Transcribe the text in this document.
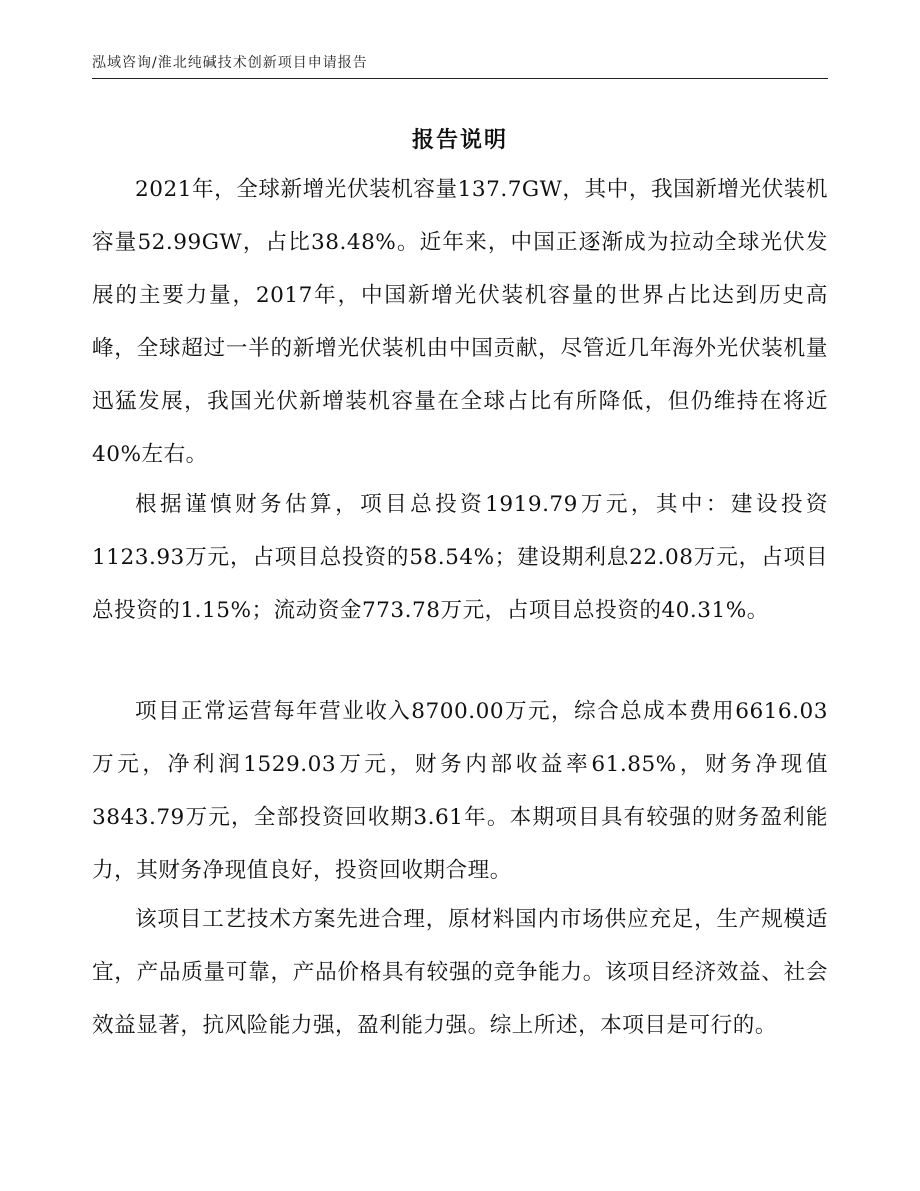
泓域咨询/淮北纯碱技术创新项目申请报告
报告说明

2021年，全球新增光伏装机容量137.7GW，其中，我国新增光伏装机容量52.99GW，占比38.48%。近年来，中国正逐渐成为拉动全球光伏发展的主要力量，2017年，中国新增光伏装机容量的世界占比达到历史高峰，全球超过一半的新增光伏装机由中国贡献，尽管近几年海外光伏装机量迅猛发展，我国光伏新增装机容量在全球占比有所降低，但仍维持在将近40%左右。

根据谨慎财务估算，项目总投资1919.79万元，其中：建设投资1123.93万元，占项目总投资的58.54%；建设期利息22.08万元，占项目总投资的1.15%；流动资金773.78万元，占项目总投资的40.31%。

项目正常运营每年营业收入8700.00万元，综合总成本费用6616.03万元，净利润1529.03万元，财务内部收益率61.85%，财务净现值3843.79万元，全部投资回收期3.61年。本期项目具有较强的财务盈利能力，其财务净现值良好，投资回收期合理。

该项目工艺技术方案先进合理，原材料国内市场供应充足，生产规模适宜，产品质量可靠，产品价格具有较强的竞争能力。该项目经济效益、社会效益显著，抗风险能力强，盈利能力强。综上所述，本项目是可行的。
